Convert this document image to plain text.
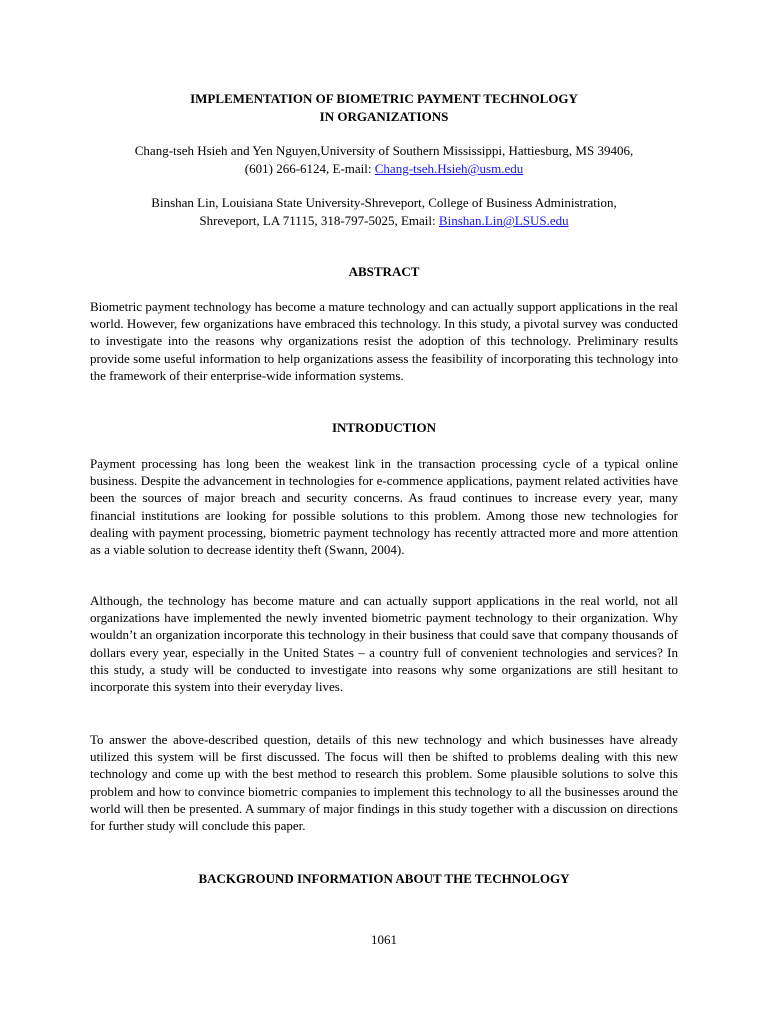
IMPLEMENTATION OF BIOMETRIC PAYMENT TECHNOLOGY
IN ORGANIZATIONS

Chang-tseh Hsieh and Yen Nguyen,University of Southern Mississippi, Hattiesburg, MS 39406,
(601) 266-6124, E-mail: Chang-tseh.Hsieh@usm.edu

Binshan Lin, Louisiana State University-Shreveport, College of Business Administration,
Shreveport, LA 71115, 318-797-5025, Email: Binshan.Lin@LSUS.edu

ABSTRACT

Biometric payment technology has become a mature technology and can actually support applications in the real world. However, few organizations have embraced this technology. In this study, a pivotal survey was conducted to investigate into the reasons why organizations resist the adoption of this technology. Preliminary results provide some useful information to help organizations assess the feasibility of incorporating this technology into the framework of their enterprise-wide information systems.

INTRODUCTION

Payment processing has long been the weakest link in the transaction processing cycle of a typical online business. Despite the advancement in technologies for e-commence applications, payment related activities have been the sources of major breach and security concerns. As fraud continues to increase every year, many financial institutions are looking for possible solutions to this problem. Among those new technologies for dealing with payment processing, biometric payment technology has recently attracted more and more attention as a viable solution to decrease identity theft (Swann, 2004).

Although, the technology has become mature and can actually support applications in the real world, not all organizations have implemented the newly invented biometric payment technology to their organization. Why wouldn’t an organization incorporate this technology in their business that could save that company thousands of dollars every year, especially in the United States – a country full of convenient technologies and services? In this study, a study will be conducted to investigate into reasons why some organizations are still hesitant to incorporate this system into their everyday lives.

To answer the above-described question, details of this new technology and which businesses have already utilized this system will be first discussed. The focus will then be shifted to problems dealing with this new technology and come up with the best method to research this problem. Some plausible solutions to solve this problem and how to convince biometric companies to implement this technology to all the businesses around the world will then be presented. A summary of major findings in this study together with a discussion on directions for further study will conclude this paper.

BACKGROUND INFORMATION ABOUT THE TECHNOLOGY

1061
